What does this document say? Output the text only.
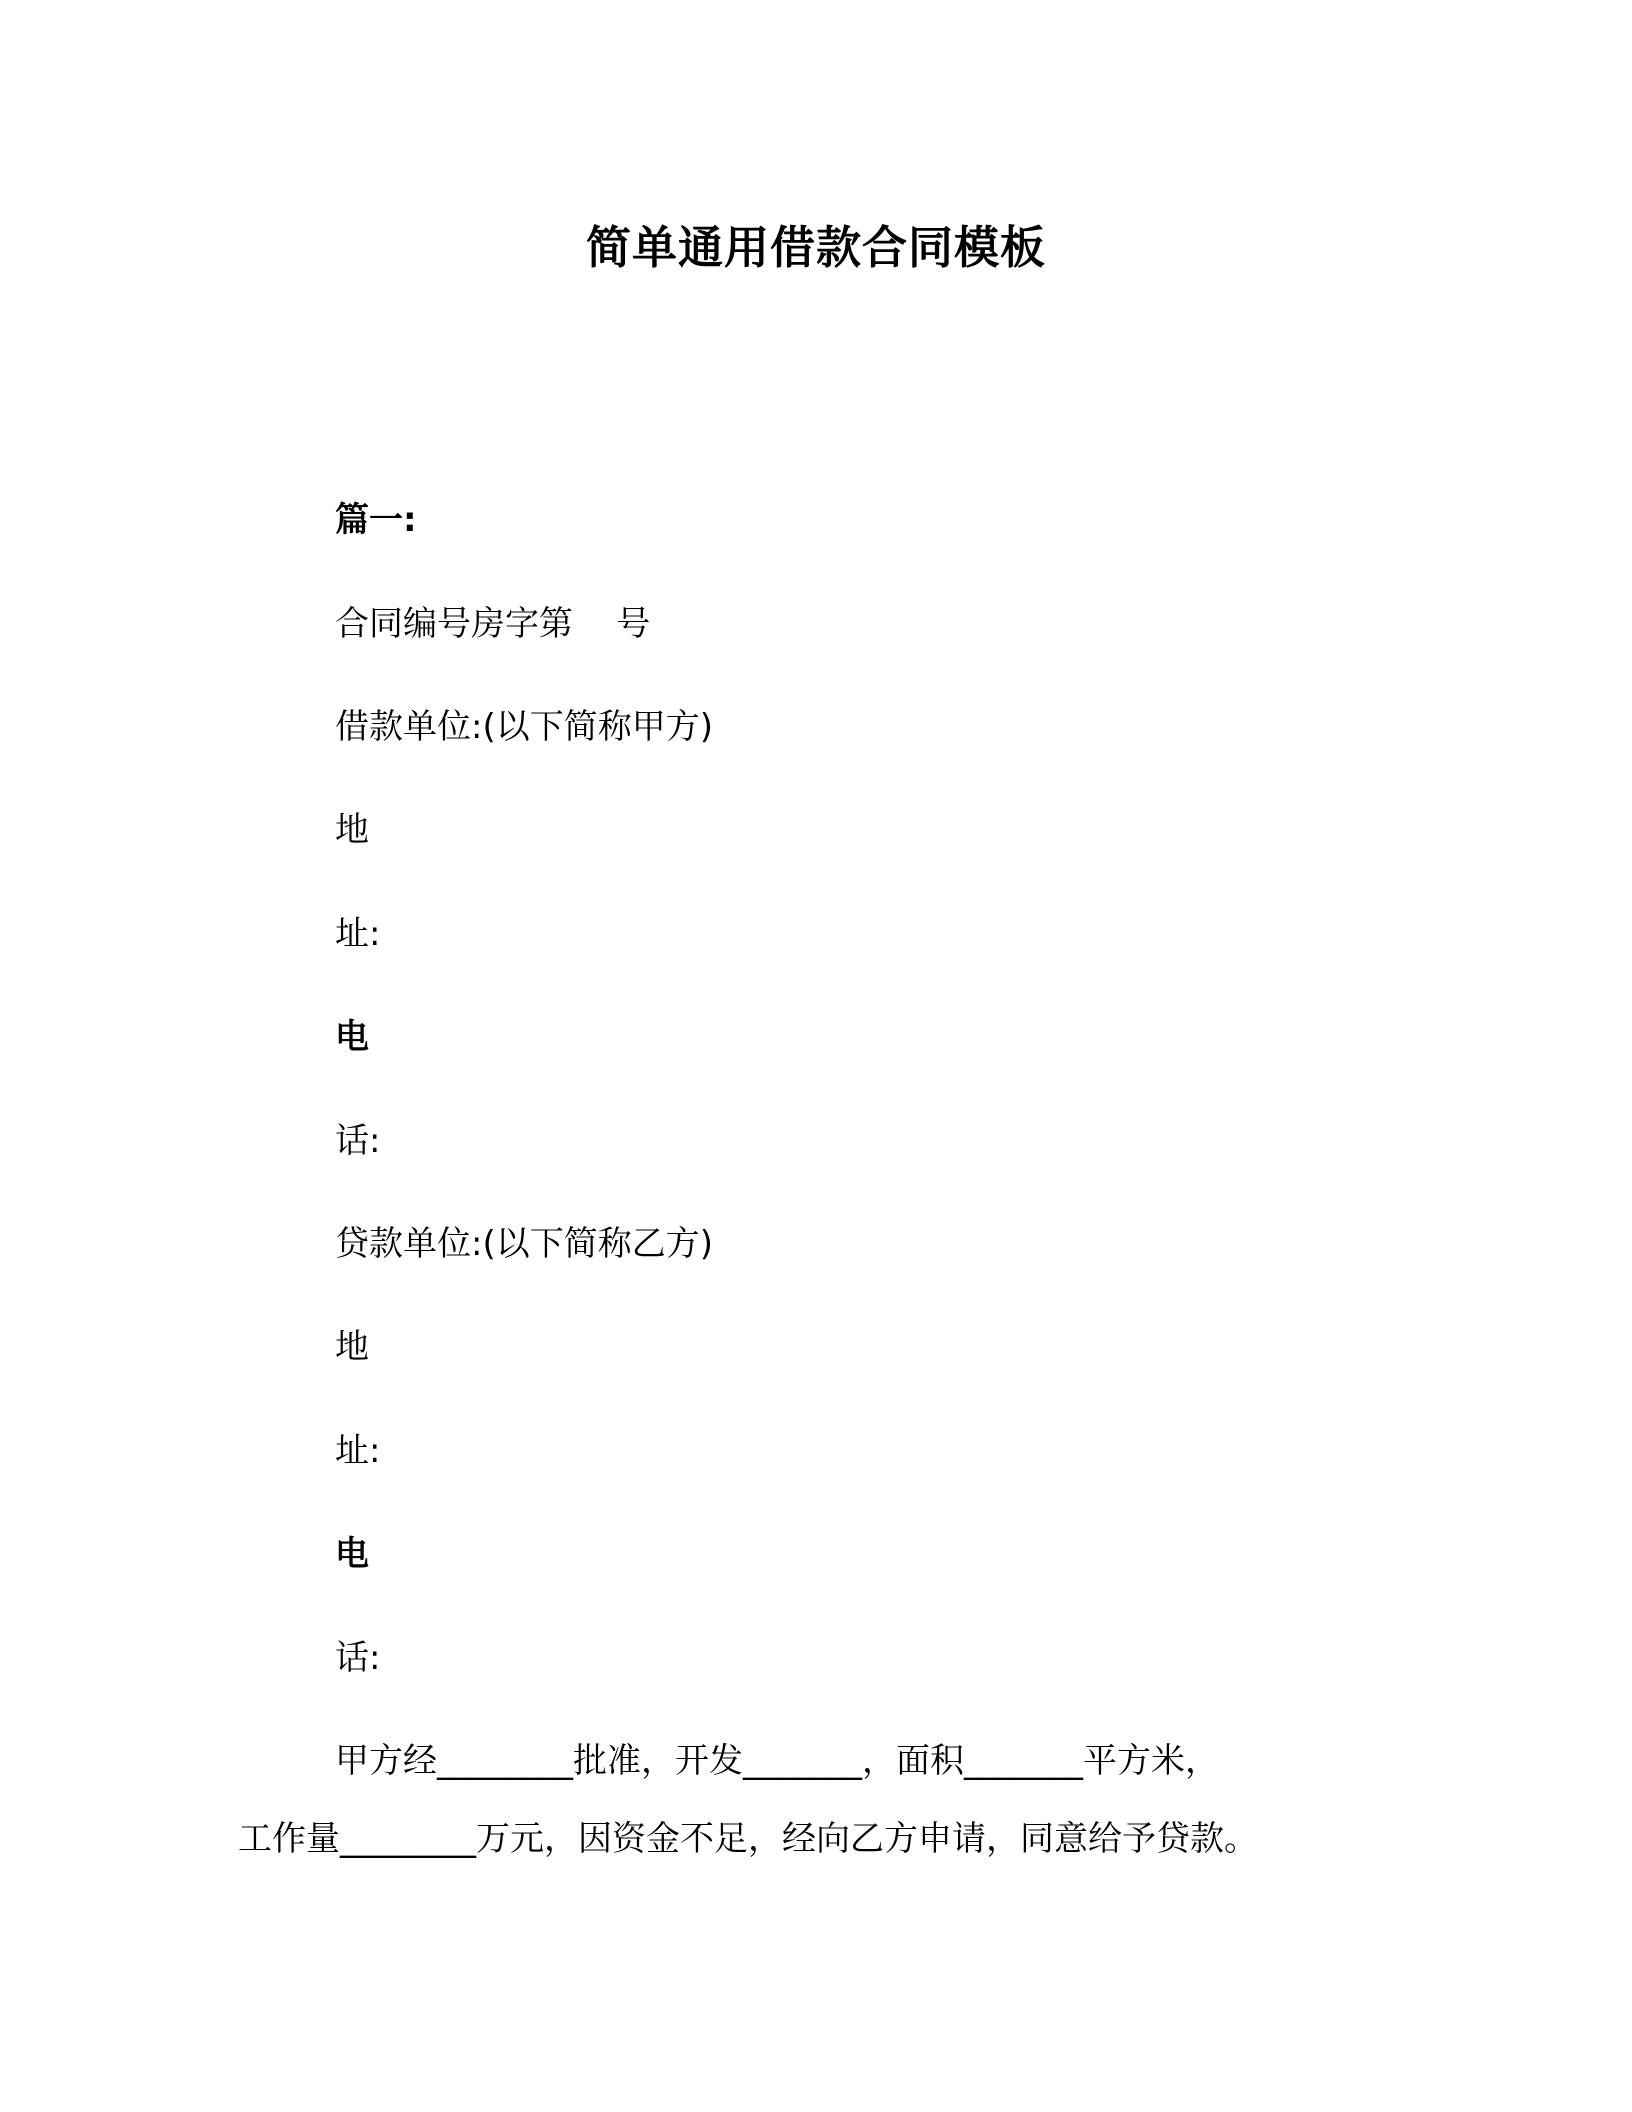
简单通用借款合同模板
篇一:
合同编号房字第    号
借款单位:(以下简称甲方)
地
址:
电
话:
贷款单位:(以下简称乙方)
地
址:
电
话:
甲方经________批准，开发_______，面积_______平方米，
工作量________万元，因资金不足，经向乙方申请，同意给予贷款。
